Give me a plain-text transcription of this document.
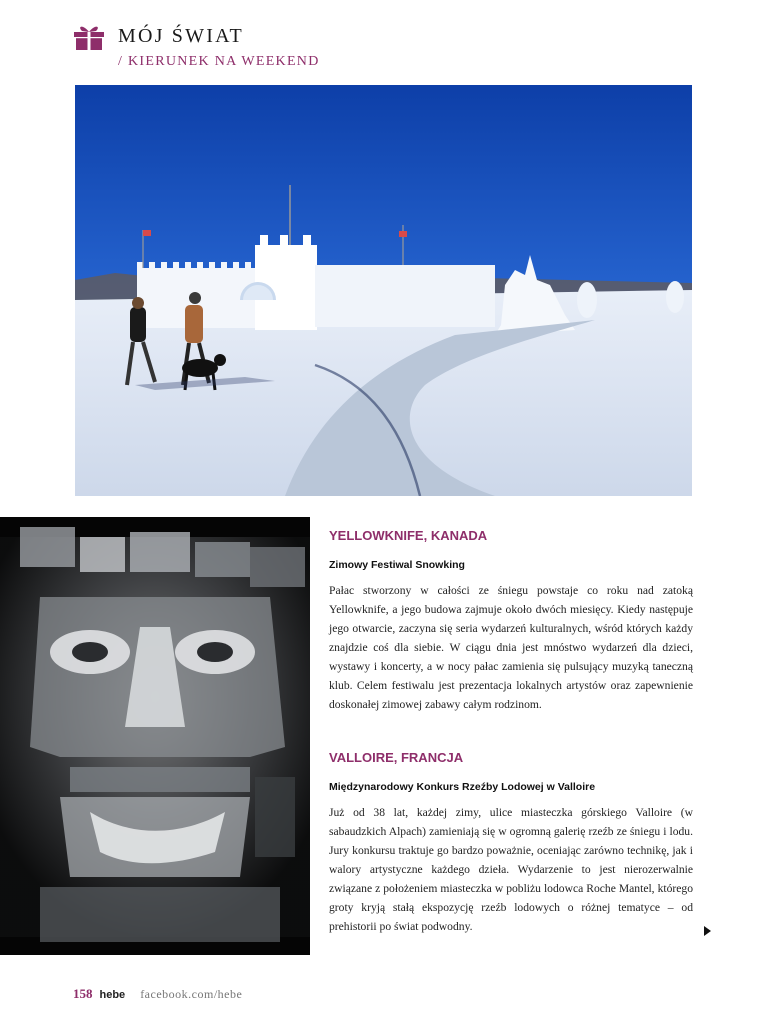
MÓJ ŚWIAT
/ KIERUNEK NA WEEKEND
YELLOWKNIFE, KANADA
Zimowy Festiwal Snowking

Pałac stworzony w całości ze śniegu powstaje co roku nad zatoką Yellowknife, a jego budowa zajmuje około dwóch miesięcy. Kiedy następuje jego otwarcie, zaczyna się seria wydarzeń kulturalnych, wśród których każdy znajdzie coś dla siebie. W ciągu dnia jest mnóstwo wydarzeń dla dzieci, wystawy i koncerty, a w nocy pałac zamienia się pulsujący muzyką taneczną klub. Celem festiwalu jest prezentacja lokalnych artystów oraz zapewnienie doskonałej zimowej zabawy całym rodzinom.

VALLOIRE, FRANCJA
Międzynarodowy Konkurs Rzeźby Lodowej w Valloire

Już od 38 lat, każdej zimy, ulice miasteczka górskiego Valloire (w sabaudzkich Alpach) zamieniają się w ogromną galerię rzeźb ze śniegu i lodu. Jury konkursu traktuje go bardzo poważnie, oceniając zarówno technikę, jak i walory artystyczne każdego dzieła. Wydarzenie to jest nierozerwalnie związane z położeniem miasteczka w pobliżu lodowca Roche Mantel, którego groty kryją stałą ekspozycję rzeźb lodowych o różnej tematyce – od prehistorii po świat podwodny.

158 hebe facebook.com/hebe
